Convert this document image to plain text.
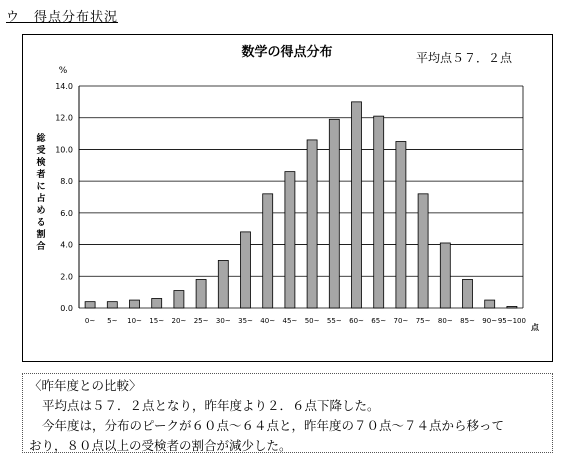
ウ　得点分布状況
数学の得点分布	平均点５７．２点
%
0.0
2.0
4.0
6.0
8.0
10.0
12.0
14.0
0~ 5~ 10~ 15~ 20~ 25~ 30~ 35~ 40~ 45~ 50~ 55~ 60~ 65~ 70~ 75~ 80~ 85~ 90~ 95~100
総
受
検
者
に
占
め
る
割
合
点
〈昨年度との比較〉
平均点は５７．２点となり，昨年度より２．６点下降した。
今年度は，分布のピークが６０点～６４点と，昨年度の７０点～７４点から移って
おり，８０点以上の受検者の割合が減少した。
